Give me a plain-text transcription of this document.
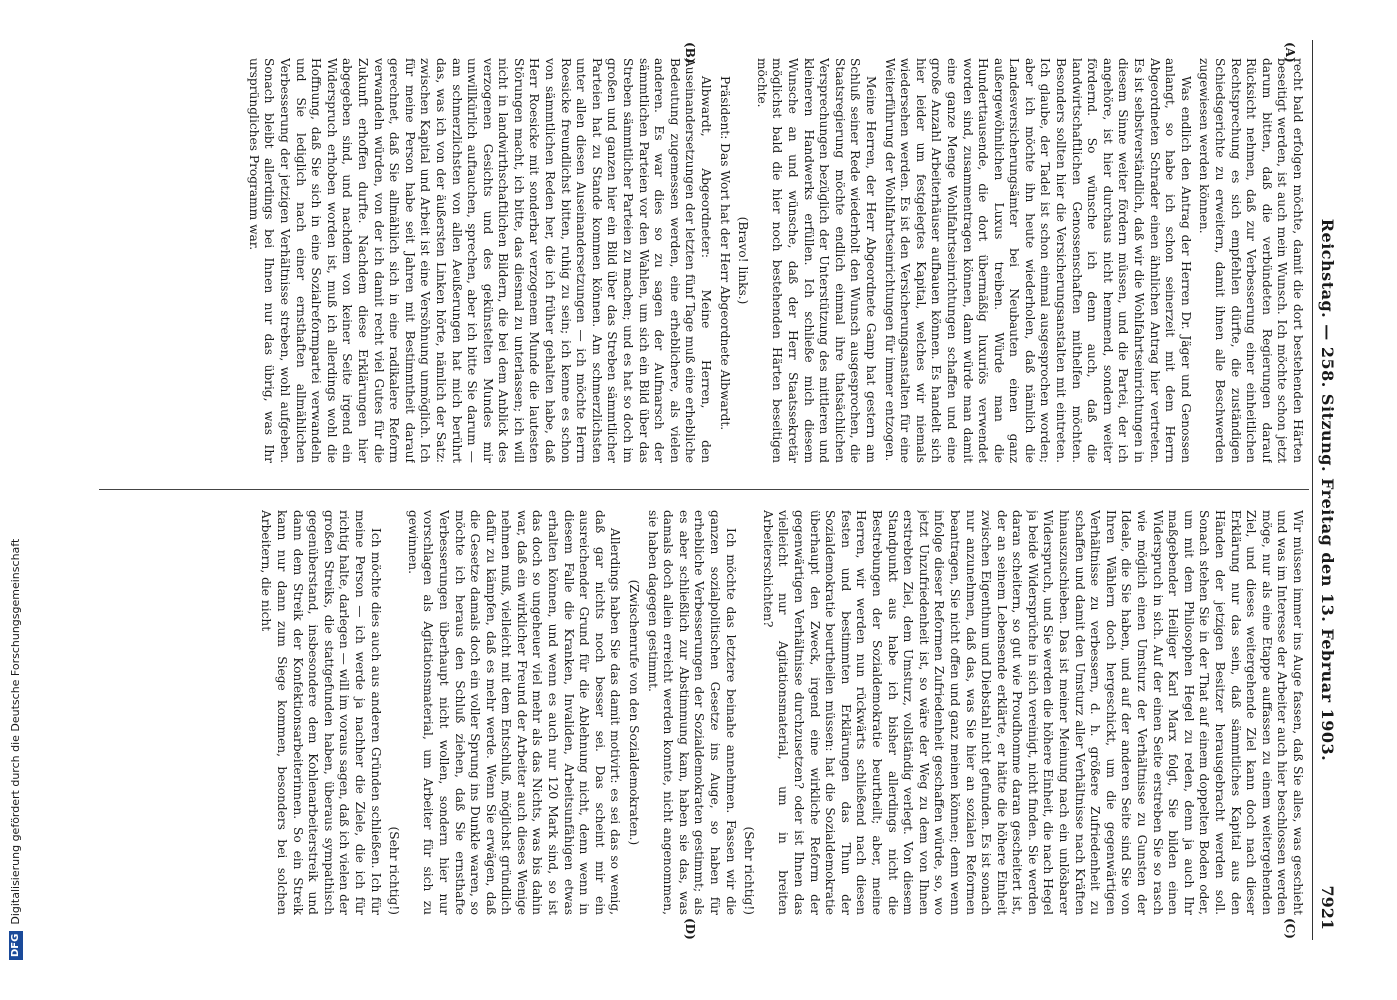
DFGDigitalisierung gefördert durch die Deutsche Forschungsgemeinschaft	Reichstag. — 258. Sitzung. Freitag den 13. Februar 1903.
7921
(A)
(B)
(C)
(D)

recht bald erfolgen möchte, damit die dort bestehenden Härten beseitigt werden, ist auch mein Wunsch. Ich möchte schon jetzt darum bitten, daß die verbündeten Regierungen darauf Rücksicht nehmen, daß zur Verbesserung einer einheitlichen Rechtsprechung es sich empfehlen dürfte, die zuständigen Schiedsgerichte zu erweitern, damit ihnen alle Beschwerden zugewiesen werden können.

Was endlich den Antrag der Herren Dr. Jäger und Genossen anlangt, so habe ich schon seinerzeit mit dem Herrn Abgeordneten Schrader einen ähnlichen Antrag hier vertreten. Es ist selbstverständlich, daß wir die Wohlfahrtseinrichtungen in diesem Sinne weiter fördern müssen, und die Partei, der ich angehöre, ist hier durchaus nicht hemmend, sondern weiter fördernd. So wünsche ich denn auch, daß die landwirtschaftlichen Genossenschaften mithelfen möchten. Besonders sollten hier die Versicherungsanstalten mit eintreten. Ich glaube, der Tadel ist schon einmal ausgesprochen worden; aber ich möchte ihn heute wiederholen, daß nämlich die Landesversicherungsämter bei Neubauten einen ganz außergewöhnlichen Luxus treiben. Würde man die Hunderttausende, die dort übermäßig luxuriös verwendet worden sind, zusammentragen können, dann würde man damit eine ganze Menge Wohlfahrtseinrichtungen schaffen und eine große Anzahl Arbeiterhäuser aufbauen können. Es handelt sich hier leider um festgelegtes Kapital, welches wir niemals wiedersehen werden. Es ist den Versicherungsanstalten für eine Weiterführung der Wohlfahrtseinrichtungen für immer entzogen.

Meine Herren, der Herr Abgeordnete Gamp hat gestern am Schluß seiner Rede wiederholt den Wunsch ausgesprochen, die Staatsregierung möchte endlich einmal ihre thatsächlichen Versprechungen bezüglich der Unterstützung des mittleren und kleineren Handwerks erfüllen. Ich schließe mich diesem Wunsche an und wünsche, daß der Herr Staatssekretär möglichst bald die hier noch bestehenden Härten beseitigen möchte.

(Bravo! links.)

Präsident: Das Wort hat der Herr Abgeordnete Albwardt.

Albwardt, Abgeordneter: Meine Herren, den Auseinandersetzungen der letzten fünf Tage muß eine erhebliche Bedeutung zugemessen werden, eine erheblichere, als vielen anderen. Es war dies so zu sagen der Aufmarsch der sämmtlichen Parteien vor den Wahlen, um sich ein Bild über das Streben sämmtlicher Parteien zu machen; und es hat so doch im großen und ganzen hier ein Bild über das Streben sämmtlicher Parteien hat zu Stande kommen können. Am schmerzlichsten unter allen diesen Auseinandersetzungen — ich möchte Herrn Roesicke freundlichst bitten, ruhig zu sein; ich kenne es schon von sämmtlichen Reden her, die ich früher gehalten habe, daß Herr Roesicke mit sonderbar verzogenem Munde die lautesten Störungen macht, ich bitte, das diesmal zu unterlassen; ich will nicht in landwirthschaftlichen Bildern, die bei dem Anblick des verzogenen Gesichts und des gekünstelten Mundes mir unwillkürlich auftauchen, sprechen, aber ich bitte Sie darum — am schmerzlichsten von allen Aeußerungen hat mich berührt das, was ich von der äußersten Linken hörte, nämlich der Satz: zwischen Kapital und Arbeit ist eine Versöhnung unmöglich. Ich für meine Person habe seit Jahren mit Bestimmtheit darauf gerechnet, daß Sie allmählich sich in eine radikalere Reform verwandeln würden, von der ich damit recht viel Gutes für die Zukunft erhoffen durfte. Nachdem diese Erklärungen hier abgegeben sind, und nachdem von keiner Seite irgend ein Widerspruch erhoben worden ist, muß ich allerdings wohl die Hoffnung, daß Sie sich in eine Sozialreformpartei verwandeln und Sie lediglich nach einer ernsthaften allmählichen Verbesserung der jetzigen Verhältnisse streben, wohl aufgeben. Sonach bleibt allerdings bei Ihnen nur das übrig, was Ihr ursprüngliches Programm war.

Wir müssen immer ins Auge fassen, daß Sie alles, was geschieht und was im Interesse der Arbeiter auch hier beschlossen werden möge, nur als eine Etappe auffassen zu einem weitergehenden Ziel, und dieses weitergehende Ziel kann doch nach dieser Erklärung nur das sein, daß sämmtliches Kapital aus den Händen der jetzigen Besitzer herausgebracht werden soll. Sonach stehen Sie in der That auf einem doppelten Boden oder, um mit dem Philosophen Hegel zu reden, denn ja auch Ihr maßgebender Heiliger Karl Marx folgt, Sie bilden einen Widerspruch in sich. Auf der einen Seite erstreben Sie so rasch wie möglich einen Umsturz der Verhältnisse zu Gunsten der Ideale, die Sie haben, und auf der anderen Seite sind Sie von Ihren Wählern doch hergeschickt, um die gegenwärtigen Verhältnisse zu verbessern, d. h. größere Zufriedenheit zu schaffen und damit den Umsturz aller Verhältnisse nach Kräften hinauszuschieben. Das ist meiner Meinung nach ein unlösbarer Widerspruch, und Sie werden die höhere Einheit, die nach Hegel ja beide Widersprüche in sich vereinigt, nicht finden. Sie werden daran scheitern, so gut wie Proudhomme daran gescheitert ist, der an seinem Lebensende erklärte, er hätte die höhere Einheit zwischen Eigenthum und Diebstahl nicht gefunden. Es ist sonach nur anzunehmen, daß das, was Sie hier an sozialen Reformen beantragen, Sie nicht offen und ganz meinen können; denn wenn infolge dieser Reformen Zufriedenheit geschaffen würde, so, wo jetzt Unzufriedenheit ist, so wäre der Weg zu dem von Ihnen erstrebten Ziel, dem Umsturz, vollständig verlegt. Von diesem Standpunkt aus habe ich bisher allerdings nicht die Bestrebungen der Sozialdemokratie beurtheilt; aber, meine Herren, wir werden nun rückwärts schließend nach diesen festen und bestimmten Erklärungen das Thun der Sozialdemokratie beurtheilen müssen: hat die Sozialdemokratie überhaupt den Zweck, irgend eine wirkliche Reform der gegenwärtigen Verhältnisse durchzusetzen? oder ist Ihnen das vielleicht nur Agitationsmaterial, um in breiten Arbeiterschichten?

(Sehr richtig!)

Ich möchte das letztere beinahe annehmen. Fassen wir die ganzen sozialpolitischen Gesetze ins Auge, so haben für erhebliche Verbesserungen der Sozialdemokraten gestimmt; als es aber schließlich zur Abstimmung kam, haben sie das, was damals doch allein erreicht werden konnte, nicht angenommen, sie haben dagegen gestimmt.

(Zwischenrufe von den Sozialdemokraten.)

Allerdings haben Sie das damit motivirt: es sei das so wenig, daß gar nichts noch besser sei. Das scheint mir ein ausreichender Grund für die Ablehnung nicht, denn wenn in diesem Falle die Kranken, Invaliden, Arbeitsunfähigen etwas erhalten können, und wenn es auch nur 120 Mark sind, so ist das doch so ungeheuer viel mehr als das Nichts, was bis dahin war, daß ein wirklicher Freund der Arbeiter auch dieses Wenige nehmen muß, vielleicht mit dem Entschluß, möglichst gründlich dafür zu kämpfen, daß es mehr werde. Wenn Sie erwägen, daß die Gesetze damals doch ein voller Sprung ins Dunkle waren, so möchte ich heraus den Schluß ziehen, daß Sie ernsthafte Verbesserungen überhaupt nicht wollen, sondern hier nur vorschlagen als Agitationsmaterial, um Arbeiter für sich zu gewinnen.

(Sehr richtig!)

Ich möchte dies auch aus anderen Gründen schließen. Ich für meine Person — ich werde ja nachher die Ziele, die ich für richtig halte, darlegen — will im voraus sagen, daß ich vielen der großen Streiks, die stattgefunden haben, überaus sympathisch gegenüberstand, insbesondere dem Kohlenarbeiterstreik und dann dem Streik der Konfektionsarbeiterinnen. So ein Streik kann nur dann zum Siege kommen, besonders bei solchen Arbeitern, die nicht
